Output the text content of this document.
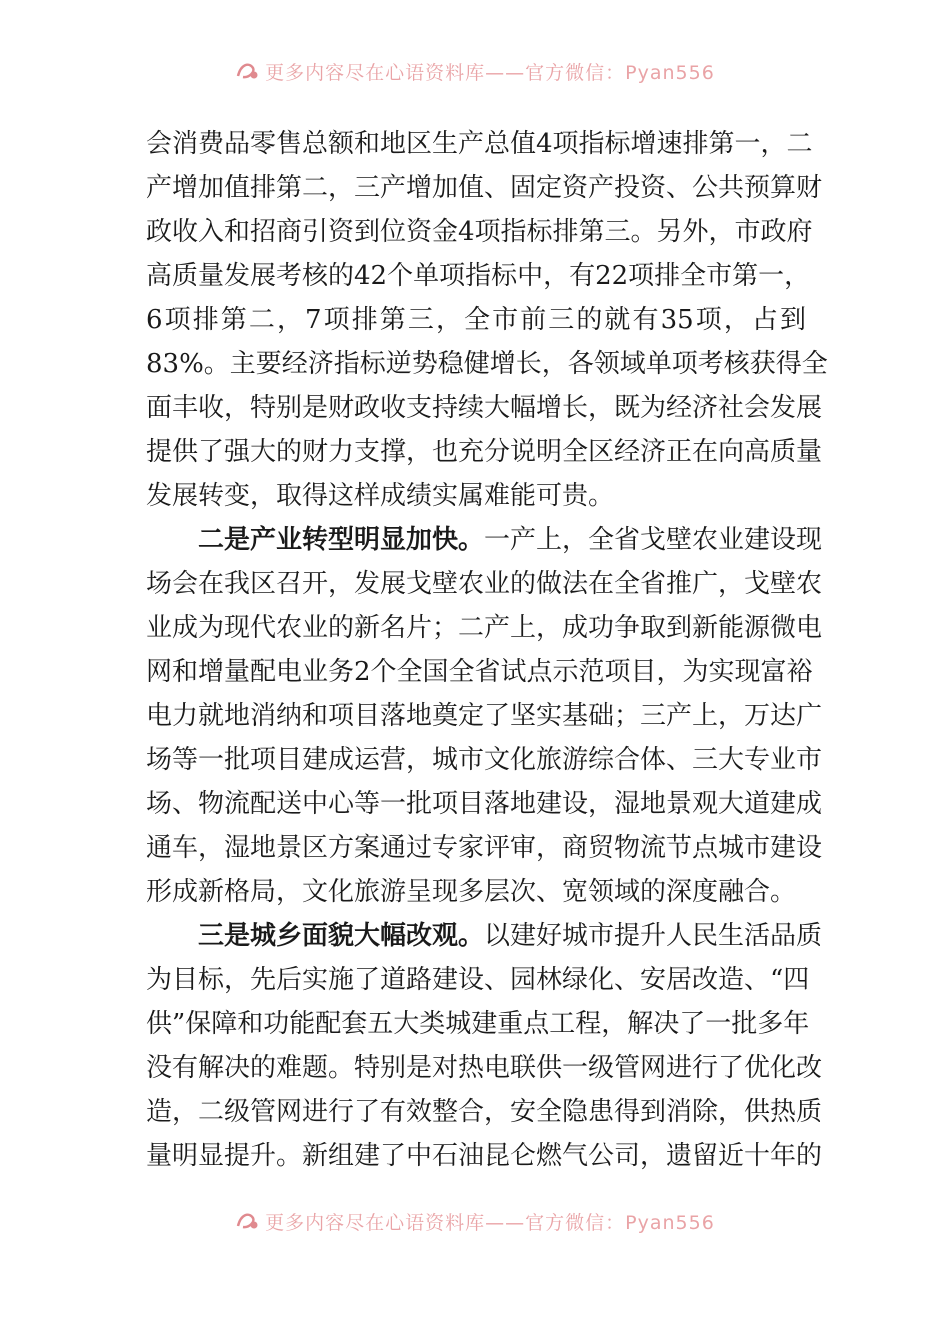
更多内容尽在心语资料库——官方微信：Pyan556
会消费品零售总额和地区生产总值4项指标增速排第一，二
产增加值排第二，三产增加值、固定资产投资、公共预算财
政收入和招商引资到位资金4项指标排第三。另外，市政府
高质量发展考核的42个单项指标中，有22项排全市第一，
6项排第二，7项排第三，全市前三的就有35项，占到
83%。主要经济指标逆势稳健增长，各领域单项考核获得全
面丰收，特别是财政收支持续大幅增长，既为经济社会发展
提供了强大的财力支撑，也充分说明全区经济正在向高质量
发展转变，取得这样成绩实属难能可贵。
二是产业转型明显加快。一产上，全省戈壁农业建设现
场会在我区召开，发展戈壁农业的做法在全省推广，戈壁农
业成为现代农业的新名片；二产上，成功争取到新能源微电
网和增量配电业务2个全国全省试点示范项目，为实现富裕
电力就地消纳和项目落地奠定了坚实基础；三产上，万达广
场等一批项目建成运营，城市文化旅游综合体、三大专业市
场、物流配送中心等一批项目落地建设，湿地景观大道建成
通车，湿地景区方案通过专家评审，商贸物流节点城市建设
形成新格局，文化旅游呈现多层次、宽领域的深度融合。
三是城乡面貌大幅改观。以建好城市提升人民生活品质
为目标，先后实施了道路建设、园林绿化、安居改造、“四
供”保障和功能配套五大类城建重点工程，解决了一批多年
没有解决的难题。特别是对热电联供一级管网进行了优化改
造，二级管网进行了有效整合，安全隐患得到消除，供热质
量明显提升。新组建了中石油昆仑燃气公司，遗留近十年的
更多内容尽在心语资料库——官方微信：Pyan556
